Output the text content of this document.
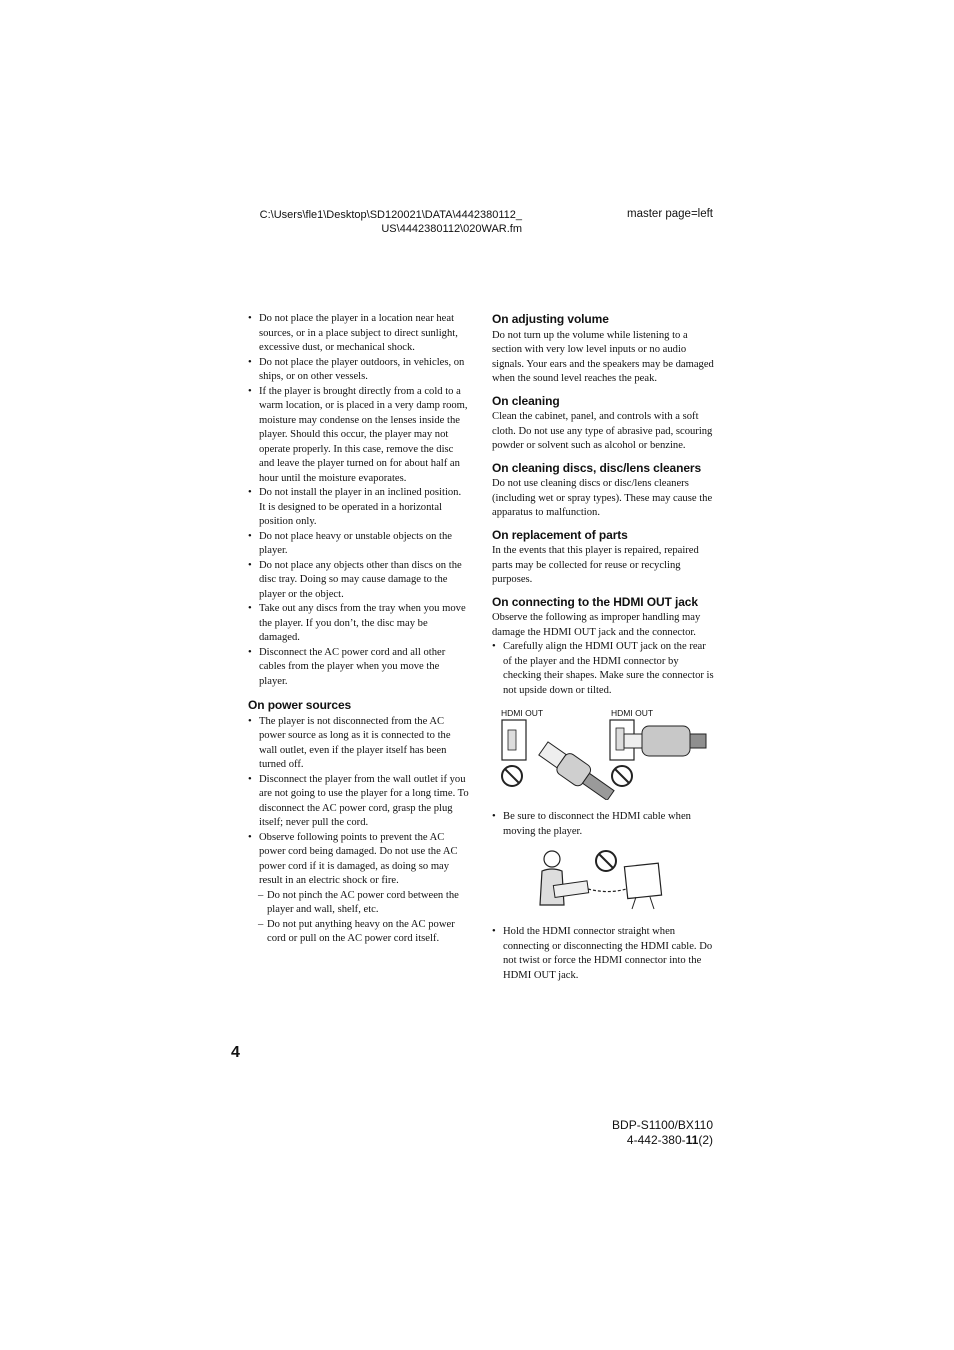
C:\Users\fle1\Desktop\SD120021\DATA\4442380112_
US\4442380112\020WAR.fm
master page=left
• Do not place the player in a location near heat sources, or in a place subject to direct sunlight, excessive dust, or mechanical shock.
• Do not place the player outdoors, in vehicles, on ships, or on other vessels.
• If the player is brought directly from a cold to a warm location, or is placed in a very damp room, moisture may condense on the lenses inside the player. Should this occur, the player may not operate properly. In this case, remove the disc and leave the player turned on for about half an hour until the moisture evaporates.
• Do not install the player in an inclined position. It is designed to be operated in a horizontal position only.
• Do not place heavy or unstable objects on the player.
• Do not place any objects other than discs on the disc tray. Doing so may cause damage to the player or the object.
• Take out any discs from the tray when you move the player. If you don’t, the disc may be damaged.
• Disconnect the AC power cord and all other cables from the player when you move the player.
On power sources
• The player is not disconnected from the AC power source as long as it is connected to the wall outlet, even if the player itself has been turned off.
• Disconnect the player from the wall outlet if you are not going to use the player for a long time. To disconnect the AC power cord, grasp the plug itself; never pull the cord.
• Observe following points to prevent the AC power cord being damaged. Do not use the AC power cord if it is damaged, as doing so may result in an electric shock or fire.
– Do not pinch the AC power cord between the player and wall, shelf, etc.
– Do not put anything heavy on the AC power cord or pull on the AC power cord itself.
On adjusting volume

Do not turn up the volume while listening to a section with very low level inputs or no audio signals. Your ears and the speakers may be damaged when the sound level reaches the peak.

On cleaning

Clean the cabinet, panel, and controls with a soft cloth. Do not use any type of abrasive pad, scouring powder or solvent such as alcohol or benzine.

On cleaning discs, disc/lens cleaners

Do not use cleaning discs or disc/lens cleaners (including wet or spray types). These may cause the apparatus to malfunction.

On replacement of parts

In the events that this player is repaired, repaired parts may be collected for reuse or recycling purposes.

On connecting to the HDMI OUT jack

Observe the following as improper handling may damage the HDMI OUT jack and the connector.

• Carefully align the HDMI OUT jack on the rear of the player and the HDMI connector by checking their shapes. Make sure the connector is not upside down or tilted.
HDMI OUT	HDMI OUT
• Be sure to disconnect the HDMI cable when moving the player.
• Hold the HDMI connector straight when connecting or disconnecting the HDMI cable. Do not twist or force the HDMI connector into the HDMI OUT jack.
4
BDP-S1100/BX110
4-442-380-11(2)
